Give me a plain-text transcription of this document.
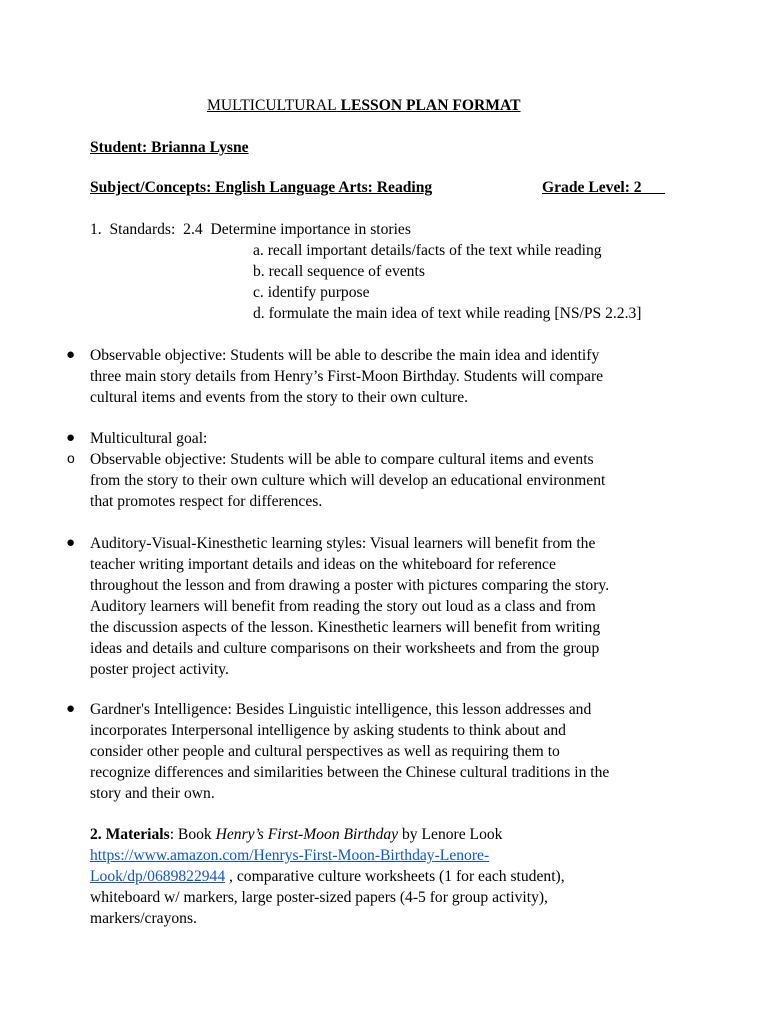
MULTICULTURAL LESSON PLAN FORMAT
Student: Brianna Lysne
Subject/Concepts: English Language Arts: Reading	Grade Level: 2
1. Standards: 2.4 Determine importance in stories
a. recall important details/facts of the text while reading
b. recall sequence of events
c. identify purpose
d. formulate the main idea of text while reading [NS/PS 2.2.3]
● Observable objective: Students will be able to describe the main idea and identify
three main story details from Henry’s First-Moon Birthday. Students will compare
cultural items and events from the story to their own culture.
● Multicultural goal:
o Observable objective: Students will be able to compare cultural items and events
from the story to their own culture which will develop an educational environment
that promotes respect for differences.
● Auditory-Visual-Kinesthetic learning styles: Visual learners will benefit from the
teacher writing important details and ideas on the whiteboard for reference
throughout the lesson and from drawing a poster with pictures comparing the story.
Auditory learners will benefit from reading the story out loud as a class and from
the discussion aspects of the lesson. Kinesthetic learners will benefit from writing
ideas and details and culture comparisons on their worksheets and from the group
poster project activity.
● Gardner's Intelligence: Besides Linguistic intelligence, this lesson addresses and
incorporates Interpersonal intelligence by asking students to think about and
consider other people and cultural perspectives as well as requiring them to
recognize differences and similarities between the Chinese cultural traditions in the
story and their own.
2. Materials: Book Henry’s First-Moon Birthday by Lenore Look
https://www.amazon.com/Henrys-First-Moon-Birthday-Lenore-
Look/dp/0689822944 , comparative culture worksheets (1 for each student),
whiteboard w/ markers, large poster-sized papers (4-5 for group activity),
markers/crayons.
